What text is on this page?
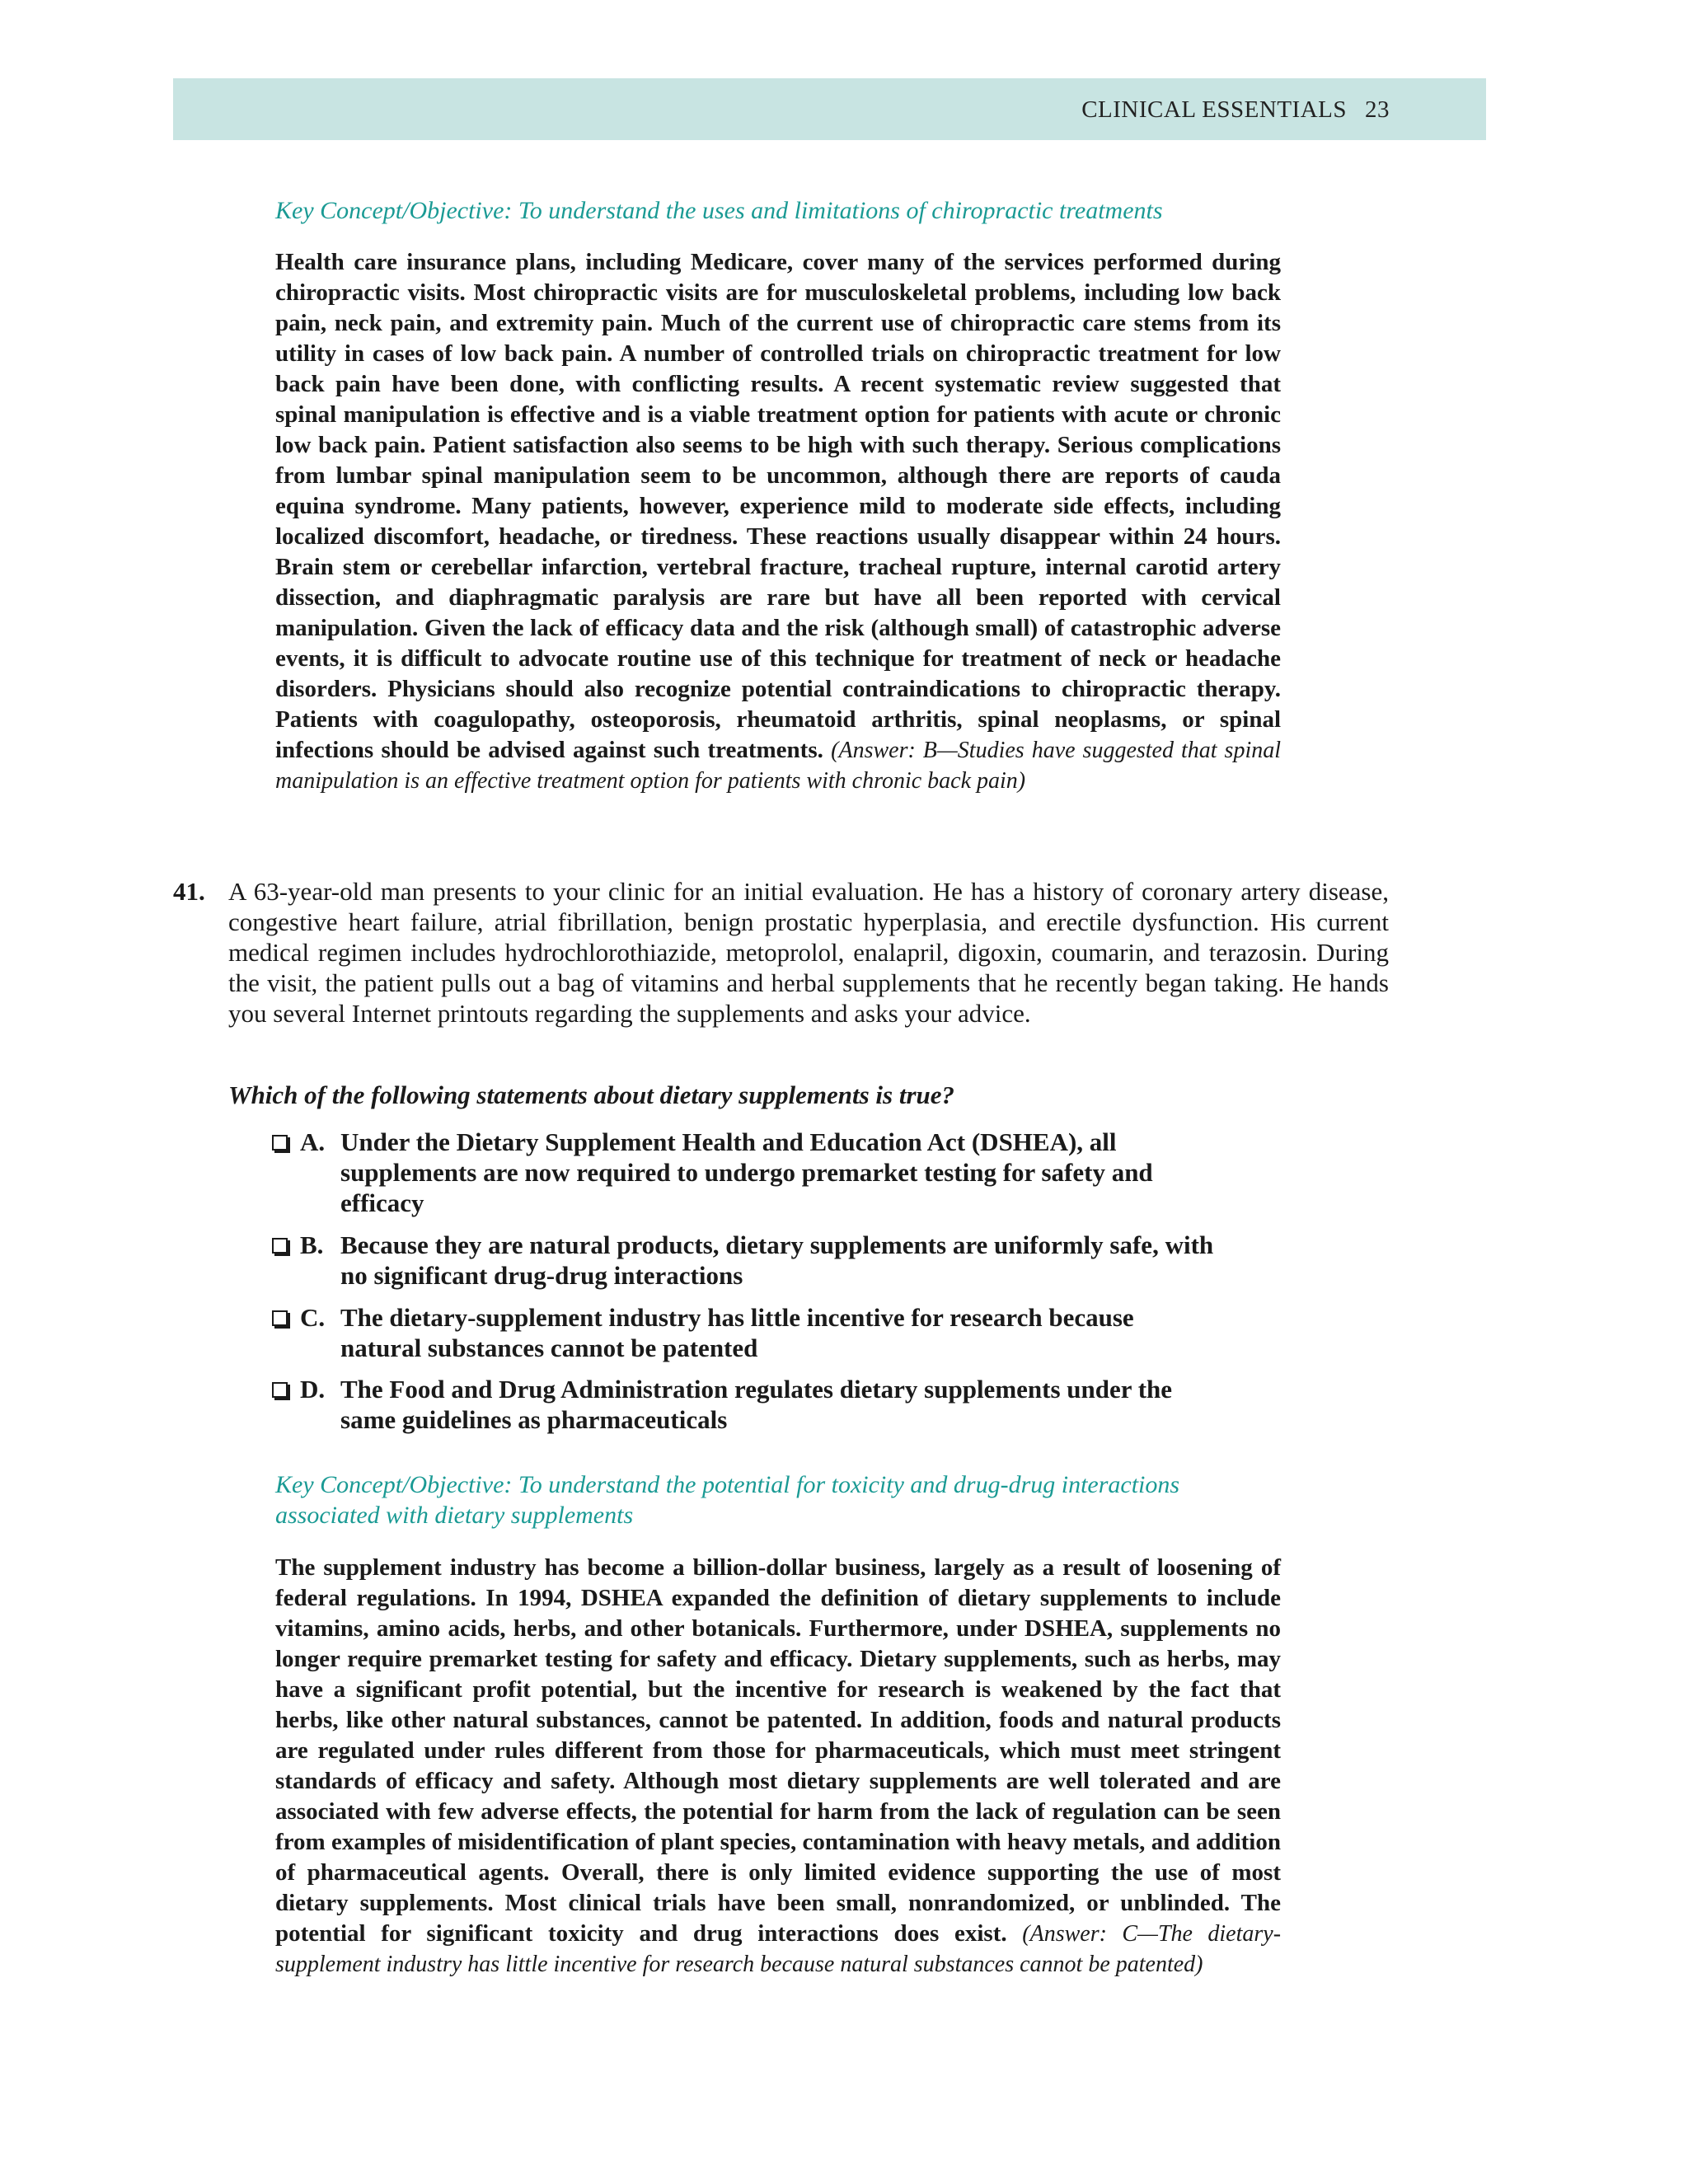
CLINICAL ESSENTIALS 23
Key Concept/Objective: To understand the uses and limitations of chiropractic treatments

Health care insurance plans, including Medicare, cover many of the services performed during chiropractic visits. Most chiropractic visits are for musculoskeletal problems, including low back pain, neck pain, and extremity pain. Much of the current use of chiropractic care stems from its utility in cases of low back pain. A number of controlled trials on chiropractic treatment for low back pain have been done, with conflicting results. A recent systematic review suggested that spinal manipulation is effective and is a viable treatment option for patients with acute or chronic low back pain. Patient satisfaction also seems to be high with such therapy. Serious complications from lumbar spinal manipulation seem to be uncommon, although there are reports of cauda equina syndrome. Many patients, however, experience mild to moderate side effects, including localized discomfort, headache, or tiredness. These reactions usually disappear within 24 hours. Brain stem or cerebellar infarction, vertebral fracture, tracheal rupture, internal carotid artery dissection, and diaphragmatic paralysis are rare but have all been reported with cervical manipulation. Given the lack of efficacy data and the risk (although small) of catastrophic adverse events, it is difficult to advocate routine use of this technique for treatment of neck or headache disorders. Physicians should also recognize potential contraindications to chiropractic therapy. Patients with coagulopathy, osteoporosis, rheumatoid arthritis, spinal neoplasms, or spinal infections should be advised against such treatments. (Answer: B—Studies have suggested that spinal manipulation is an effective treatment option for patients with chronic back pain)

41. A 63-year-old man presents to your clinic for an initial evaluation. He has a history of coronary artery disease, congestive heart failure, atrial fibrillation, benign prostatic hyperplasia, and erectile dysfunction. His current medical regimen includes hydrochlorothiazide, metoprolol, enalapril, digoxin, coumarin, and terazosin. During the visit, the patient pulls out a bag of vitamins and herbal supplements that he recently began taking. He hands you several Internet printouts regarding the supplements and asks your advice.

Which of the following statements about dietary supplements is true?
A. Under the Dietary Supplement Health and Education Act (DSHEA), all supplements are now required to undergo premarket testing for safety and efficacy
B. Because they are natural products, dietary supplements are uniformly safe, with no significant drug-drug interactions
C. The dietary-supplement industry has little incentive for research because natural substances cannot be patented
D. The Food and Drug Administration regulates dietary supplements under the same guidelines as pharmaceuticals
Key Concept/Objective: To understand the potential for toxicity and drug-drug interactions associated with dietary supplements

The supplement industry has become a billion-dollar business, largely as a result of loosening of federal regulations. In 1994, DSHEA expanded the definition of dietary supplements to include vitamins, amino acids, herbs, and other botanicals. Furthermore, under DSHEA, supplements no longer require premarket testing for safety and efficacy. Dietary supplements, such as herbs, may have a significant profit potential, but the incentive for research is weakened by the fact that herbs, like other natural substances, cannot be patented. In addition, foods and natural products are regulated under rules different from those for pharmaceuticals, which must meet stringent standards of efficacy and safety. Although most dietary supplements are well tolerated and are associated with few adverse effects, the potential for harm from the lack of regulation can be seen from examples of misidentification of plant species, contamination with heavy metals, and addition of pharmaceutical agents. Overall, there is only limited evidence supporting the use of most dietary supplements. Most clinical trials have been small, nonrandomized, or unblinded. The potential for significant toxicity and drug interactions does exist. (Answer: C—The dietary-supplement industry has little incentive for research because natural substances cannot be patented)
